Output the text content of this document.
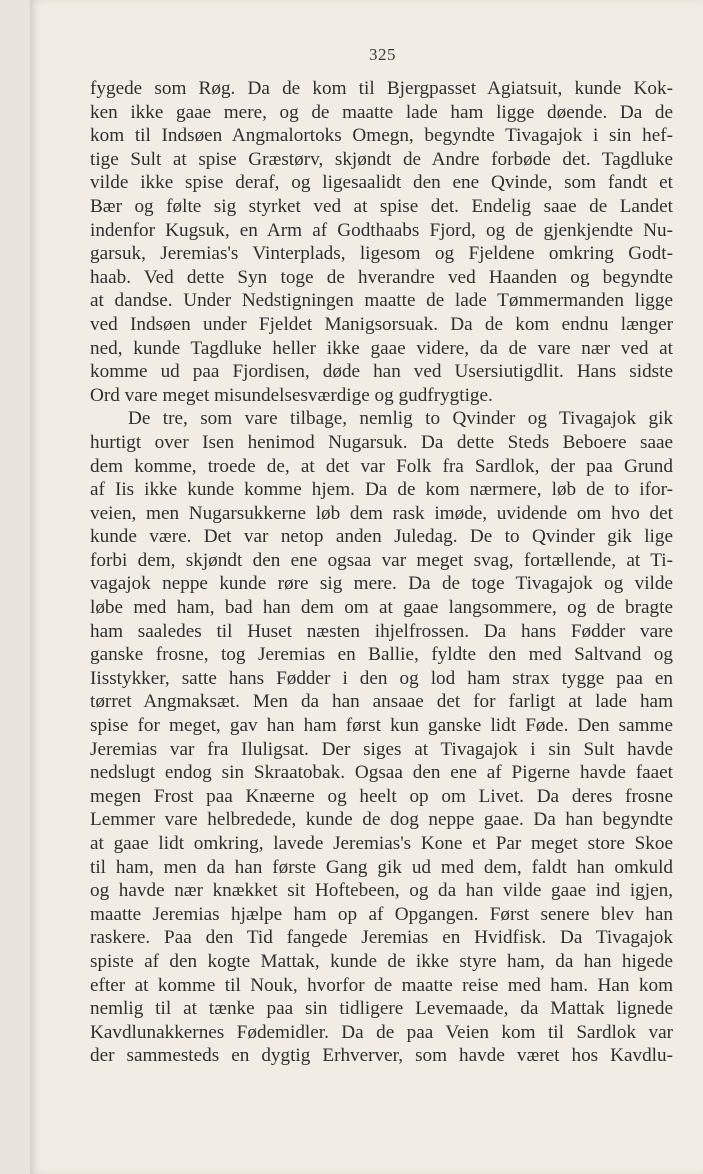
325
fygede som Røg. Da de kom til Bjergpasset Agiatsuit, kunde Kok-
ken ikke gaae mere, og de maatte lade ham ligge døende. Da de
kom til Indsøen Angmalortoks Omegn, begyndte Tivagajok i sin hef-
tige Sult at spise Græstørv, skjøndt de Andre forbøde det. Tagdluke
vilde ikke spise deraf, og ligesaalidt den ene Qvinde, som fandt et
Bær og følte sig styrket ved at spise det. Endelig saae de Landet
indenfor Kugsuk, en Arm af Godthaabs Fjord, og de gjenkjendte Nu-
garsuk, Jeremias's Vinterplads, ligesom og Fjeldene omkring Godt-
haab. Ved dette Syn toge de hverandre ved Haanden og begyndte
at dandse. Under Nedstigningen maatte de lade Tømmermanden ligge
ved Indsøen under Fjeldet Manigsorsuak. Da de kom endnu længer
ned, kunde Tagdluke heller ikke gaae videre, da de vare nær ved at
komme ud paa Fjordisen, døde han ved Usersiutigdlit. Hans sidste
Ord vare meget misundelsesværdige og gudfrygtige.
De tre, som vare tilbage, nemlig to Qvinder og Tivagajok gik
hurtigt over Isen henimod Nugarsuk. Da dette Steds Beboere saae
dem komme, troede de, at det var Folk fra Sardlok, der paa Grund
af Iis ikke kunde komme hjem. Da de kom nærmere, løb de to ifor-
veien, men Nugarsukkerne løb dem rask imøde, uvidende om hvo det
kunde være. Det var netop anden Juledag. De to Qvinder gik lige
forbi dem, skjøndt den ene ogsaa var meget svag, fortællende, at Ti-
vagajok neppe kunde røre sig mere. Da de toge Tivagajok og vilde
løbe med ham, bad han dem om at gaae langsommere, og de bragte
ham saaledes til Huset næsten ihjelfrossen. Da hans Fødder vare
ganske frosne, tog Jeremias en Ballie, fyldte den med Saltvand og
Iisstykker, satte hans Fødder i den og lod ham strax tygge paa en
tørret Angmaksæt. Men da han ansaae det for farligt at lade ham
spise for meget, gav han ham først kun ganske lidt Føde. Den samme
Jeremias var fra Iluligsat. Der siges at Tivagajok i sin Sult havde
nedslugt endog sin Skraatobak. Ogsaa den ene af Pigerne havde faaet
megen Frost paa Knæerne og heelt op om Livet. Da deres frosne
Lemmer vare helbredede, kunde de dog neppe gaae. Da han begyndte
at gaae lidt omkring, lavede Jeremias's Kone et Par meget store Skoe
til ham, men da han første Gang gik ud med dem, faldt han omkuld
og havde nær knækket sit Hoftebeen, og da han vilde gaae ind igjen,
maatte Jeremias hjælpe ham op af Opgangen. Først senere blev han
raskere. Paa den Tid fangede Jeremias en Hvidfisk. Da Tivagajok
spiste af den kogte Mattak, kunde de ikke styre ham, da han higede
efter at komme til Nouk, hvorfor de maatte reise med ham. Han kom
nemlig til at tænke paa sin tidligere Levemaade, da Mattak lignede
Kavdlunakkernes Fødemidler. Da de paa Veien kom til Sardlok var
der sammesteds en dygtig Erhverver, som havde været hos Kavdlu-
